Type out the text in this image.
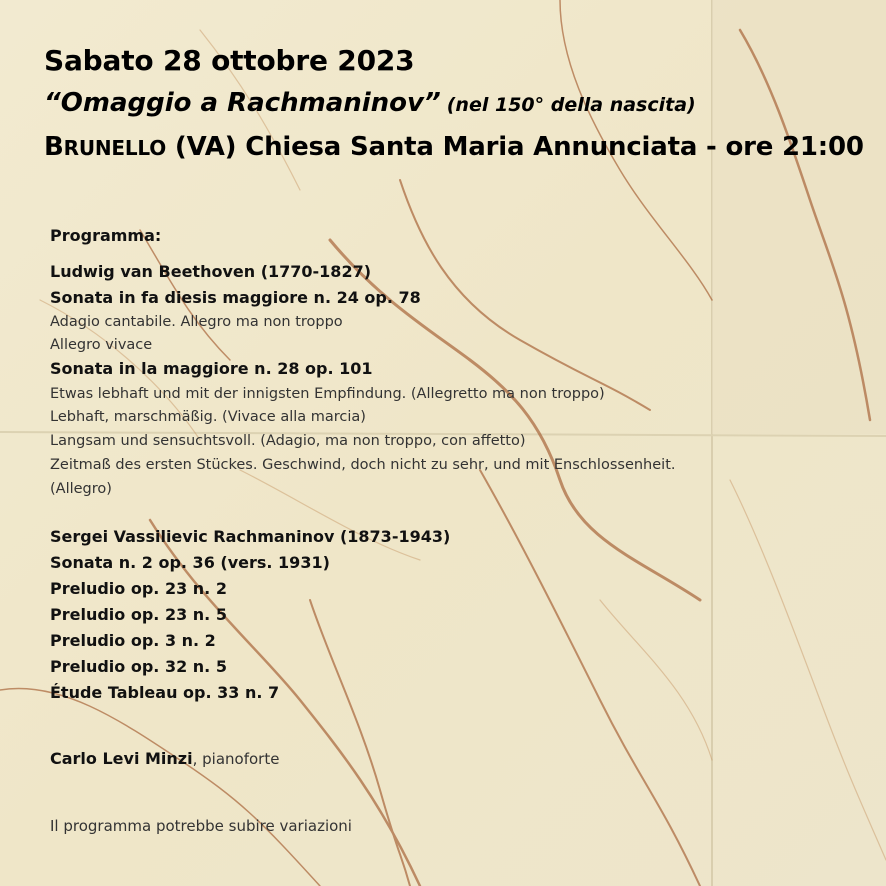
Sabato 28 ottobre 2023
“Omaggio a Rachmaninov” (nel 150° della nascita)
BRUNELLO (VA) Chiesa Santa Maria Annunciata - ore 21:00
Programma:
Ludwig van Beethoven (1770-1827)
Sonata in fa diesis maggiore n. 24 op. 78
Adagio cantabile. Allegro ma non troppo
Allegro vivace
Sonata in la maggiore n. 28 op. 101
Etwas lebhaft und mit der innigsten Empfindung. (Allegretto ma non troppo)
Lebhaft, marschmäßig. (Vivace alla marcia)
Langsam und sensuchtsvoll. (Adagio, ma non troppo, con affetto)
Zeitmaß des ersten Stückes. Geschwind, doch nicht zu sehr, und mit Enschlossenheit.
(Allegro)
Sergei Vassilievic Rachmaninov (1873-1943)
Sonata n. 2 op. 36 (vers. 1931)
Preludio op. 23 n. 2
Preludio op. 23 n. 5
Preludio op. 3 n. 2
Preludio op. 32 n. 5
Étude Tableau op. 33 n. 7
Carlo Levi Minzi, pianoforte
Il programma potrebbe subire variazioni
